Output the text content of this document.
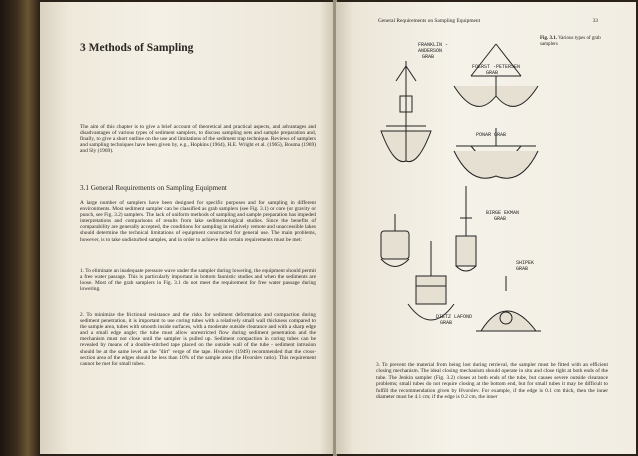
3 Methods of Sampling
The aim of this chapter is to give a brief account of theoretical and practical aspects, and advantages and disadvantages of various types of sediment samplers, to discuss sampling nets and sample preparation and, finally, to give a short outline on the use and limitations of the sediment trap technique. Reviews of samplers and sampling techniques have been given by, e.g., Hopkins (1964), H.E. Wright et al. (1965), Bouma (1969) and Sly (1969).
3.1 General Requirements on Sampling Equipment
A large number of samplers have been designed for specific purposes and for sampling in different environments. Most sediment sampler can be classified as grab samplers (see Fig. 3.1) or core (or gravity or punch, see Fig. 3.2) samplers. The lack of uniform methods of sampling and sample preparation has impeded interpretations and comparisons of results from lake sedimentological studies. Since the benefits of comparability are generally accepted, the conditions for sampling in relatively remote and unaccessible lakes should determine the technical limitations of equipment constructed for general use. The main problems, however, is to take undisturbed samples, and in order to achieve this certain requirements must be met:
1. To eliminate an inadequate pressure wave under the sampler during lowering, the equipment should permit a free water passage. This is particularly important in bottom faunistic studies and when the sediments are loose. Most of the grab samplers in Fig. 3.1 do not meet the requirement for free water passage during lowering.
2. To minimize the frictional resistance and the risks for sediment deformation and compaction during sediment penetration, it is important to use coring tubes with a relatively small wall thickness compared to the sample area, tubes with smooth inside surfaces, with a moderate outside clearance and with a sharp edge and a small edge angle; the tube must allow unrestricted flow during sediment penetration and the mechanism must not close until the sampler is pulled up. Sediment compaction in coring tubes can be revealed by means of a double-stitched tape placed on the outside wall of the tube - sediment intrusion should be at the same level as the "dirt" verge of the tape. Hvorslev (1949) recommended that the cross-section area of the edges should be less than 10% of the sample area (the Hvorslev ratio). This requirement cannot be met for small tubes.
General Requirements on Sampling Equipment	33
Fig. 3.1. Various types of grab samplers
FRANKLIN -
ANDERSON
GRAB
FOERST -PETERSEN
GRAB
PONAR GRAB
BIRGE EKMAN
GRAB
SHIPEK
GRAB
DIETZ LAFOND
GRAB
3. To prevent the material from being lost during retrieval, the sampler must be fitted with an efficient closing mechanism. The ideal closing mechanism should operate in situ and close tight at both ends of the tube. The Jenkin sampler (Fig. 3.2) closes at both ends of the tube, but causes severe outside clearance problems; small tubes do not require closing at the bottom end, but for small tubes it may be difficult to fulfill the recommendation given by Hvorslev. For example, if the edge is 0.1 cm thick, then the inner diameter must be 4.1 cm; if the edge is 0.2 cm, the inner
